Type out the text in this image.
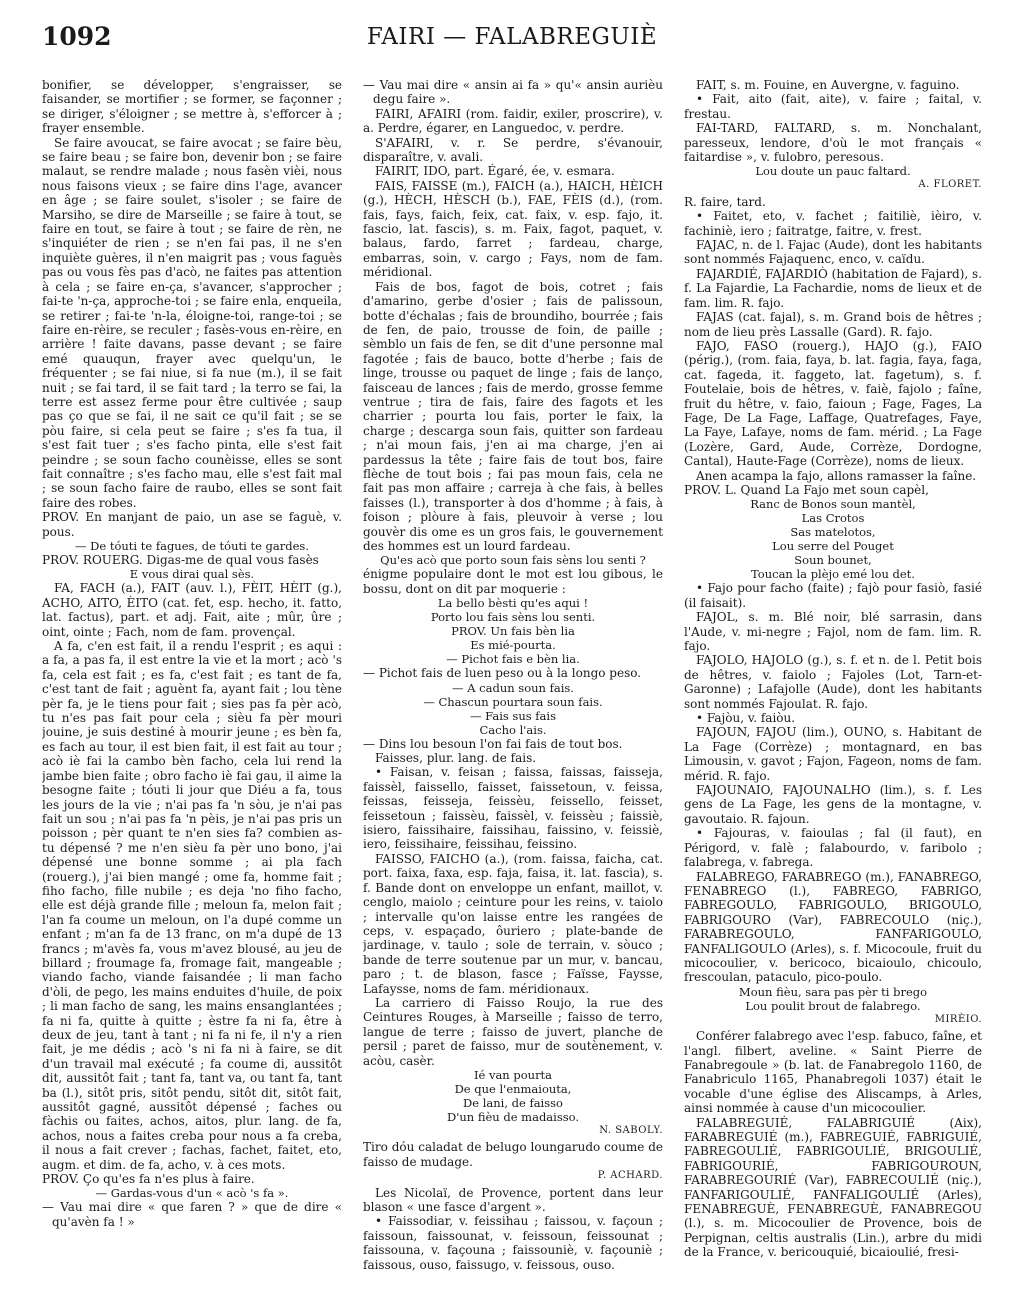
1092	FAIRI — FALABREGUIÈ

bonifier, se développer, s'engraisser, se faisander, se mortifier ; se former, se façonner ; se diriger, s'éloigner ; se mettre à, s'efforcer à ; frayer ensemble.

Se faire avoucat, se faire avocat ; se faire bèu, se faire beau ; se faire bon, devenir bon ; se faire malaut, se rendre malade ; nous fasèn vièi, nous nous faisons vieux ; se faire dins l'age, avancer en âge ; se faire soulet, s'isoler ; se faire de Marsiho, se dire de Marseille ; se faire à tout, se faire en tout, se faire à tout ; se faire de rèn, ne s'inquiéter de rien ; se n'en fai pas, il ne s'en inquiète guères, il n'en maigrit pas ; vous faguès pas ou vous fès pas d'acò, ne faites pas attention à cela ; se faire en-ça, s'avancer, s'approcher ; fai-te 'n-ça, approche-toi ; se faire enla, enqueila, se retirer ; fai-te 'n-la, éloigne-toi, range-toi ; se faire en-rèire, se reculer ; fasès-vous en-rèire, en arrière ! faite davans, passe devant ; se faire emé quauqun, frayer avec quelqu'un, le fréquenter ; se fai niue, si fa nue (m.), il se fait nuit ; se fai tard, il se fait tard ; la terro se fai, la terre est assez ferme pour être cultivée ; saup pas ço que se fai, il ne sait ce qu'il fait ; se se pòu faire, si cela peut se faire ; s'es fa tua, il s'est fait tuer ; s'es facho pinta, elle s'est fait peindre ; se soun facho counèisse, elles se sont fait connaître ; s'es facho mau, elle s'est fait mal ; se soun facho faire de raubo, elles se sont fait faire des robes.

PROV. En manjant de paio, un ase se faguè, v. pous.

— De tóuti te fagues, de tóuti te gardes.

PROV. ROUERG. Digas-me de qual vous fasès

E vous dirai qual sès.

FA, FACH (a.), FAIT (auv. l.), FÈIT, HÈIT (g.), ACHO, AITO, ÈITO (cat. fet, esp. hecho, it. fatto, lat. factus), part. et adj. Fait, aite ; mûr, ûre ; oint, ointe ; Fach, nom de fam. provençal.

A fa, c'en est fait, il a rendu l'esprit ; es aqui : a fa, a pas fa, il est entre la vie et la mort ; acò 's fa, cela est fait ; es fa, c'est fait ; es tant de fa, c'est tant de fait ; aguènt fa, ayant fait ; lou tène pèr fa, je le tiens pour fait ; sies pas fa pèr acò, tu n'es pas fait pour cela ; sièu fa pèr mouri jouine, je suis destiné à mourir jeune ; es bèn fa, es fach au tour, il est bien fait, il est fait au tour ; acò iè fai la cambo bèn facho, cela lui rend la jambe bien faite ; obro facho iè fai gau, il aime la besogne faite ; tóuti li jour que Diéu a fa, tous les jours de la vie ; n'ai pas fa 'n sòu, je n'ai pas fait un sou ; n'ai pas fa 'n pèis, je n'ai pas pris un poisson ; pèr quant te n'en sies fa? combien as-tu dépensé ? me n'en sièu fa pèr uno bono, j'ai dépensé une bonne somme ; ai pla fach (rouerg.), j'ai bien mangé ; ome fa, homme fait ; fiho facho, fille nubile ; es deja 'no fiho facho, elle est déjà grande fille ; meloun fa, melon fait ; l'an fa coume un meloun, on l'a dupé comme un enfant ; m'an fa de 13 franc, on m'a dupé de 13 francs ; m'avès fa, vous m'avez blousé, au jeu de billard ; froumage fa, fromage fait, mangeable ; viando facho, viande faisandée ; li man facho d'òli, de pego, les mains enduites d'huile, de poix ; li man facho de sang, les mains ensanglantées ; fa ni fa, quitte à quitte ; èstre fa ni fa, être à deux de jeu, tant à tant ; ni fa ni fe, il n'y a rien fait, je me dédis ; acò 's ni fa ni à faire, se dit d'un travail mal exécuté ; fa coume di, aussitôt dit, aussitôt fait ; tant fa, tant va, ou tant fa, tant ba (l.), sitôt pris, sitôt pendu, sitôt dit, sitôt fait, aussitôt gagné, aussitôt dépensé ; faches ou fàchis ou faites, achos, aitos, plur. lang. de fa, achos, nous a faites creba pour nous a fa creba, il nous a fait crever ; fachas, fachet, faitet, eto, augm. et dim. de fa, acho, v. à ces mots.

PROV. Ço qu'es fa n'es plus à faire.

— Gardas-vous d'un « acò 's fa ».

— Vau mai dire « que faren ? » que de dire « qu'avèn fa ! »

— Vau mai dire « ansin ai fa » qu'« ansin aurièu degu faire ».

FAIRI, AFAIRI (rom. faidir, exiler, proscrire), v. a. Perdre, égarer, en Languedoc, v. perdre.

S'AFAIRI, v. r. Se perdre, s'évanouir, disparaître, v. avali.

FAIRIT, IDO, part. Égaré, ée, v. esmara.

FAIS, FAISSE (m.), FAICH (a.), HAICH, HÈICH (g.), HÈCH, HÈSCH (b.), FAE, FÈIS (d.), (rom. fais, fays, faich, feix, cat. faix, v. esp. fajo, it. fascio, lat. fascis), s. m. Faix, fagot, paquet, v. balaus, fardo, farret ; fardeau, charge, embarras, soin, v. cargo ; Fays, nom de fam. méridional.

Fais de bos, fagot de bois, cotret ; fais d'amarino, gerbe d'osier ; fais de palissoun, botte d'échalas ; fais de broundiho, bourrée ; fais de fen, de paio, trousse de foin, de paille ; sèmblo un fais de fen, se dit d'une personne mal fagotée ; fais de bauco, botte d'herbe ; fais de linge, trousse ou paquet de linge ; fais de lanço, faisceau de lances ; fais de merdo, grosse femme ventrue ; tira de fais, faire des fagots et les charrier ; pourta lou fais, porter le faix, la charge ; descarga soun fais, quitter son fardeau ; n'ai moun fais, j'en ai ma charge, j'en ai pardessus la tête ; faire fais de tout bos, faire flèche de tout bois ; fai pas moun fais, cela ne fait pas mon affaire ; carreja à che fais, à belles faisses (l.), transporter à dos d'homme ; à fais, à foison ; plòure à fais, pleuvoir à verse ; lou gouvèr dis ome es un gros fais, le gouvernement des hommes est un lourd fardeau.

Qu'es acò que porto soun fais sèns lou senti ?

énigme populaire dont le mot est lou gibous, le bossu, dont on dit par moquerie :

La bello bèsti qu'es aqui !

Porto lou fais sèns lou senti.

PROV. Un fais bèn lia

Es mié-pourta.

— Pichot fais e bèn lia.

— Pichot fais de luen peso ou à la longo peso.

— A cadun soun fais.

— Chascun pourtara soun fais.

— Fais sus fais

Cacho l'ais.

— Dins lou besoun l'on fai fais de tout bos.

Faisses, plur. lang. de fais.

• Faisan, v. feisan ; faissa, faissas, faisseja, faissèl, faissello, faisset, faissetoun, v. feissa, feissas, feisseja, feissèu, feissello, feisset, feissetoun ; faissèu, faissèl, v. feissèu ; faissiè, isiero, faissihaire, faissihau, faissino, v. feissiè, iero, feissihaire, feissihau, feissino.

FAISSO, FAICHO (a.), (rom. faissa, faicha, cat. port. faixa, faxa, esp. faja, faisa, it. lat. fascia), s. f. Bande dont on enveloppe un enfant, maillot, v. cenglo, maiolo ; ceinture pour les reins, v. taiolo ; intervalle qu'on laisse entre les rangées de ceps, v. espaçado, ôuriero ; plate-bande de jardinage, v. taulo ; sole de terrain, v. sòuco ; bande de terre soutenue par un mur, v. bancau, paro ; t. de blason, fasce ; Faïsse, Faysse, Lafaysse, noms de fam. méridionaux.

La carriero di Faisso Roujo, la rue des Ceintures Rouges, à Marseille ; faisso de terro, langue de terre ; faisso de juvert, planche de persil ; paret de faisso, mur de soutènement, v. acòu, casèr.

Ié van pourta

De que l'enmaiouta,

De lani, de faisso

D'un fièu de madaisso.

N. SABOLY.

Tiro dóu caladat de belugo loungarudo coume de faisso de mudage.

P. ACHARD.

Les Nicolaï, de Provence, portent dans leur blason « une fasce d'argent ».

• Faissodiar, v. feissihau ; faissou, v. façoun ; faissoun, faissounat, v. feissoun, feissounat ; faissouna, v. façouna ; faissouniè, v. façouniè ; faissous, ouso, faissugo, v. feissous, ouso.

FAIT, s. m. Fouine, en Auvergne, v. faguino.

• Fait, aito (fait, aite), v. faire ; faital, v. frestau.

FAI-TARD, FALTARD, s. m. Nonchalant, paresseux, lendore, d'où le mot français « faitardise », v. fulobro, peresous.

Lou doute un pauc faltard.

A. FLORET.

R. faire, tard.

• Faitet, eto, v. fachet ; faitiliè, ièiro, v. fachiniè, iero ; faitratge, faitre, v. frest.

FAJAC, n. de l. Fajac (Aude), dont les habitants sont nommés Fajaquenc, enco, v. caïdu.

FAJARDIÉ, FAJARDIÒ (habitation de Fajard), s. f. La Fajardie, La Fachardie, noms de lieux et de fam. lim. R. fajo.

FAJAS (cat. fajal), s. m. Grand bois de hêtres ; nom de lieu près Lassalle (Gard). R. fajo.

FAJO, FASO (rouerg.), HAJO (g.), FAIO (périg.), (rom. faia, faya, b. lat. fagia, faya, faga, cat. fageda, it. faggeto, lat. fagetum), s. f. Foutelaie, bois de hêtres, v. faiè, fajolo ; faîne, fruit du hêtre, v. faio, faioun ; Fage, Fages, La Fage, De La Fage, Laffage, Quatrefages, Faye, La Faye, Lafaye, noms de fam. mérid. ; La Fage (Lozère, Gard, Aude, Corrèze, Dordogne, Cantal), Haute-Fage (Corrèze), noms de lieux.

Anen acampa la fajo, allons ramasser la faîne.

PROV. L. Quand La Fajo met soun capèl,

Ranc de Bonos soun mantèl,

Las Crotos

Sas matelotos,

Lou serre del Pouget

Soun bounet,

Toucan la plèjo emé lou det.

• Fajo pour facho (faite) ; fajò pour fasiò, fasié (il faisait).

FAJOL, s. m. Blé noir, blé sarrasin, dans l'Aude, v. mi-negre ; Fajol, nom de fam. lim. R. fajo.

FAJOLO, HAJOLO (g.), s. f. et n. de l. Petit bois de hêtres, v. faiolo ; Fajoles (Lot, Tarn-et-Garonne) ; Lafajolle (Aude), dont les habitants sont nommés Fajoulat. R. fajo.

• Fajòu, v. faiòu.

FAJOUN, FAJOU (lim.), OUNO, s. Habitant de La Fage (Corrèze) ; montagnard, en bas Limousin, v. gavot ; Fajon, Fageon, noms de fam. mérid. R. fajo.

FAJOUNAIO, FAJOUNALHO (lim.), s. f. Les gens de La Fage, les gens de la montagne, v. gavoutaio. R. fajoun.

• Fajouras, v. faioulas ; fal (il faut), en Périgord, v. falè ; falabourdo, v. faribolo ; falabrega, v. fabrega.

FALABREGO, FARABREGO (m.), FANABREGO, FENABREGO (l.), FABREGO, FABRIGO, FABREGOULO, FABRIGOULO, BRIGOULO, FABRIGOURO (Var), FABRECOULO (niç.), FARABREGOULO, FANFARIGOULO, FANFALIGOULO (Arles), s. f. Micocoule, fruit du micocoulier, v. bericoco, bicaioulo, chicoulo, frescoulan, pataculo, pico-poulo.

Moun fièu, sara pas pèr ti brego

Lou poulit brout de falabrego.

MIRÈIO.

Conférer falabrego avec l'esp. fabuco, faîne, et l'angl. filbert, aveline. « Saint Pierre de Fanabregoule » (b. lat. de Fanabregolo 1160, de Fanabriculo 1165, Phanabregoli 1037) était le vocable d'une église des Aliscamps, à Arles, ainsi nommée à cause d'un micocoulier.

FALABREGUIÉ, FALABRIGUIÉ (Aix), FARABREGUIÉ (m.), FABREGUIÉ, FABRIGUIÉ, FABREGOULIÉ, FABRIGOULIÉ, BRIGOULIÉ, FABRIGOURIÉ, FABRIGOUROUN, FARABREGOURIÉ (Var), FABRECOULIÉ (niç.), FANFARIGOULIÉ, FANFALIGOULIÉ (Arles), FENABREGUÈ, FENABREGUÈ, FANABREGOU (l.), s. m. Micocoulier de Provence, bois de Perpignan, celtis australis (Lin.), arbre du midi de la France, v. bericouquié, bicaioulié, fresi-
